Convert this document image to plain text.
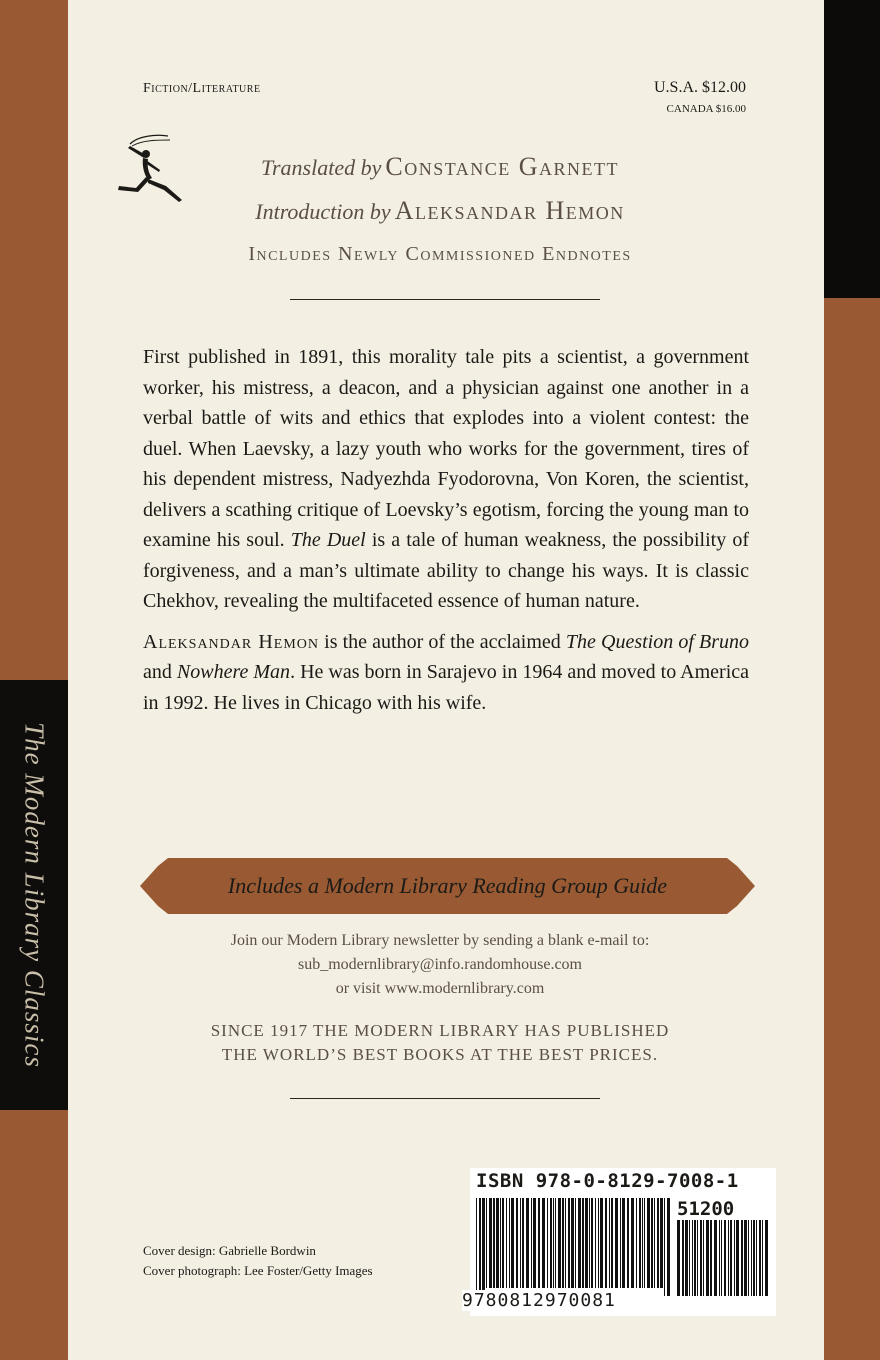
The Modern Library Classics
Fiction/Literature	U.S.A. $12.00
CANADA $16.00
Translated by Constance Garnett
Introduction by Aleksandar Hemon
Includes Newly Commissioned Endnotes

First published in 1891, this morality tale pits a scientist, a government worker, his mistress, a deacon, and a physician against one another in a verbal battle of wits and ethics that explodes into a violent contest: the duel. When Laevsky, a lazy youth who works for the government, tires of his dependent mistress, Nadyezhda Fyodorovna, Von Koren, the scientist, delivers a scathing critique of Loevsky’s egotism, forcing the young man to examine his soul. The Duel is a tale of human weakness, the possibility of forgiveness, and a man’s ultimate ability to change his ways. It is classic Chekhov, revealing the multifaceted essence of human nature.

Aleksandar Hemon is the author of the acclaimed The Question of Bruno and Nowhere Man. He was born in Sarajevo in 1964 and moved to America in 1992. He lives in Chicago with his wife.

Includes a Modern Library Reading Group Guide
Join our Modern Library newsletter by sending a blank e-mail to:
sub_modernlibrary@info.randomhouse.com
or visit www.modernlibrary.com
SINCE 1917 THE MODERN LIBRARY HAS PUBLISHED
THE WORLD’S BEST BOOKS AT THE BEST PRICES.
Cover design: Gabrielle Bordwin
Cover photograph: Lee Foster/Getty Images
ISBN 978-0-8129-7008-1
51200
9780812970081
